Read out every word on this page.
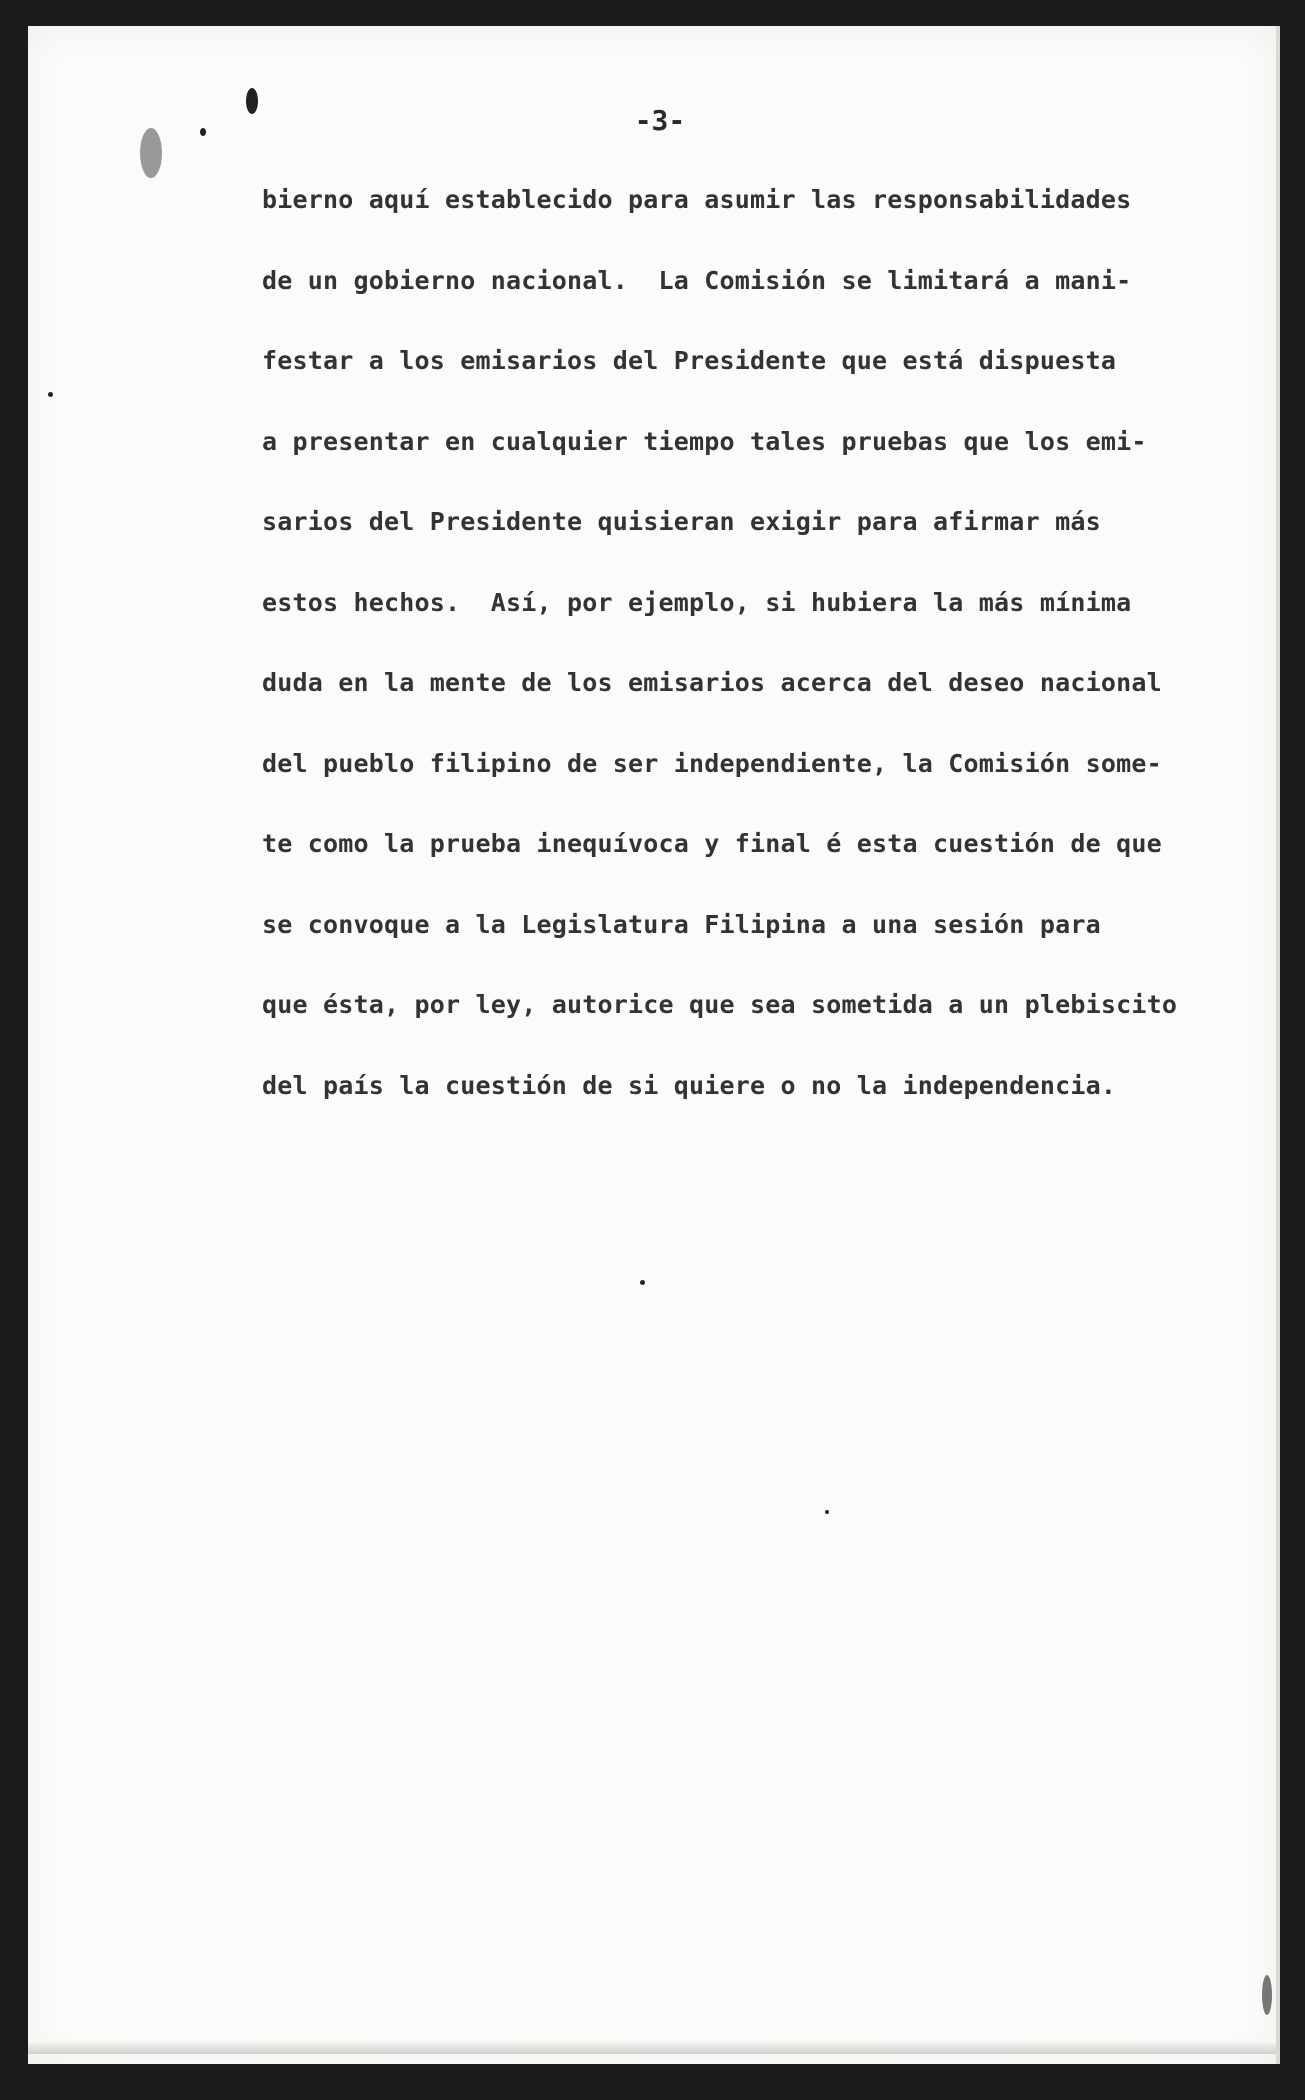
-3-
bierno aquí establecido para asumir las responsabilidades
de un gobierno nacional.  La Comisión se limitará a mani-
festar a los emisarios del Presidente que está dispuesta
a presentar en cualquier tiempo tales pruebas que los emi-
sarios del Presidente quisieran exigir para afirmar más
estos hechos.  Así, por ejemplo, si hubiera la más mínima
duda en la mente de los emisarios acerca del deseo nacional
del pueblo filipino de ser independiente, la Comisión some-
te como la prueba inequívoca y final é esta cuestión de que
se convoque a la Legislatura Filipina a una sesión para
que ésta, por ley, autorice que sea sometida a un plebiscito
del país la cuestión de si quiere o no la independencia.
